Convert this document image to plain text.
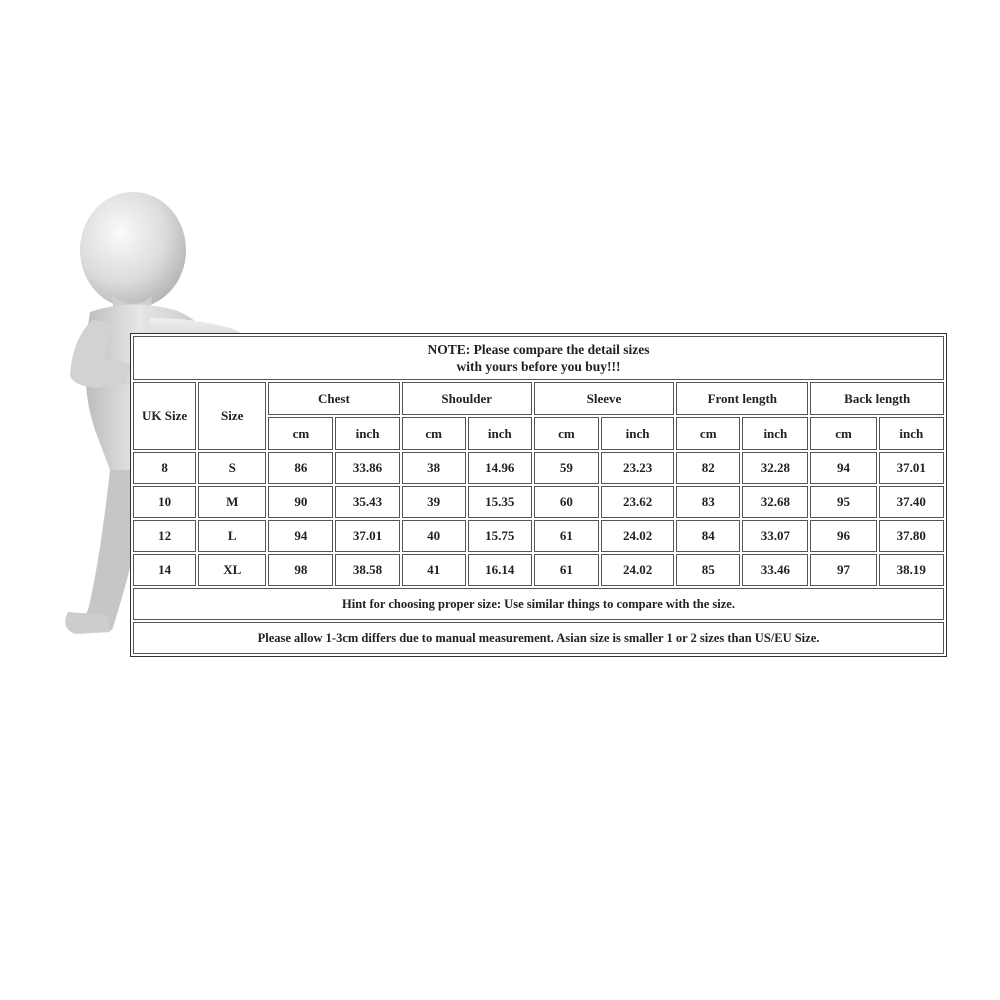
NOTE: Please compare the detail sizes
with yours before you buy!!!											

UK Size	Size	Chest		Shoulder		Sleeve		Front length		Back length	
		cm	inch	cm	inch	cm	inch	cm	inch	cm	inch
8	S	86	33.86	38	14.96	59	23.23	82	32.28	94	37.01
10	M	90	35.43	39	15.35	60	23.62	83	32.68	95	37.40
12	L	94	37.01	40	15.75	61	24.02	84	33.07	96	37.80
14	XL	98	38.58	41	16.14	61	24.02	85	33.46	97	38.19
Hint for choosing proper size: Use similar things to compare with the size.											
Please allow 1-3cm differs due to manual measurement. Asian size is smaller 1 or 2 sizes than US/EU Size.											
